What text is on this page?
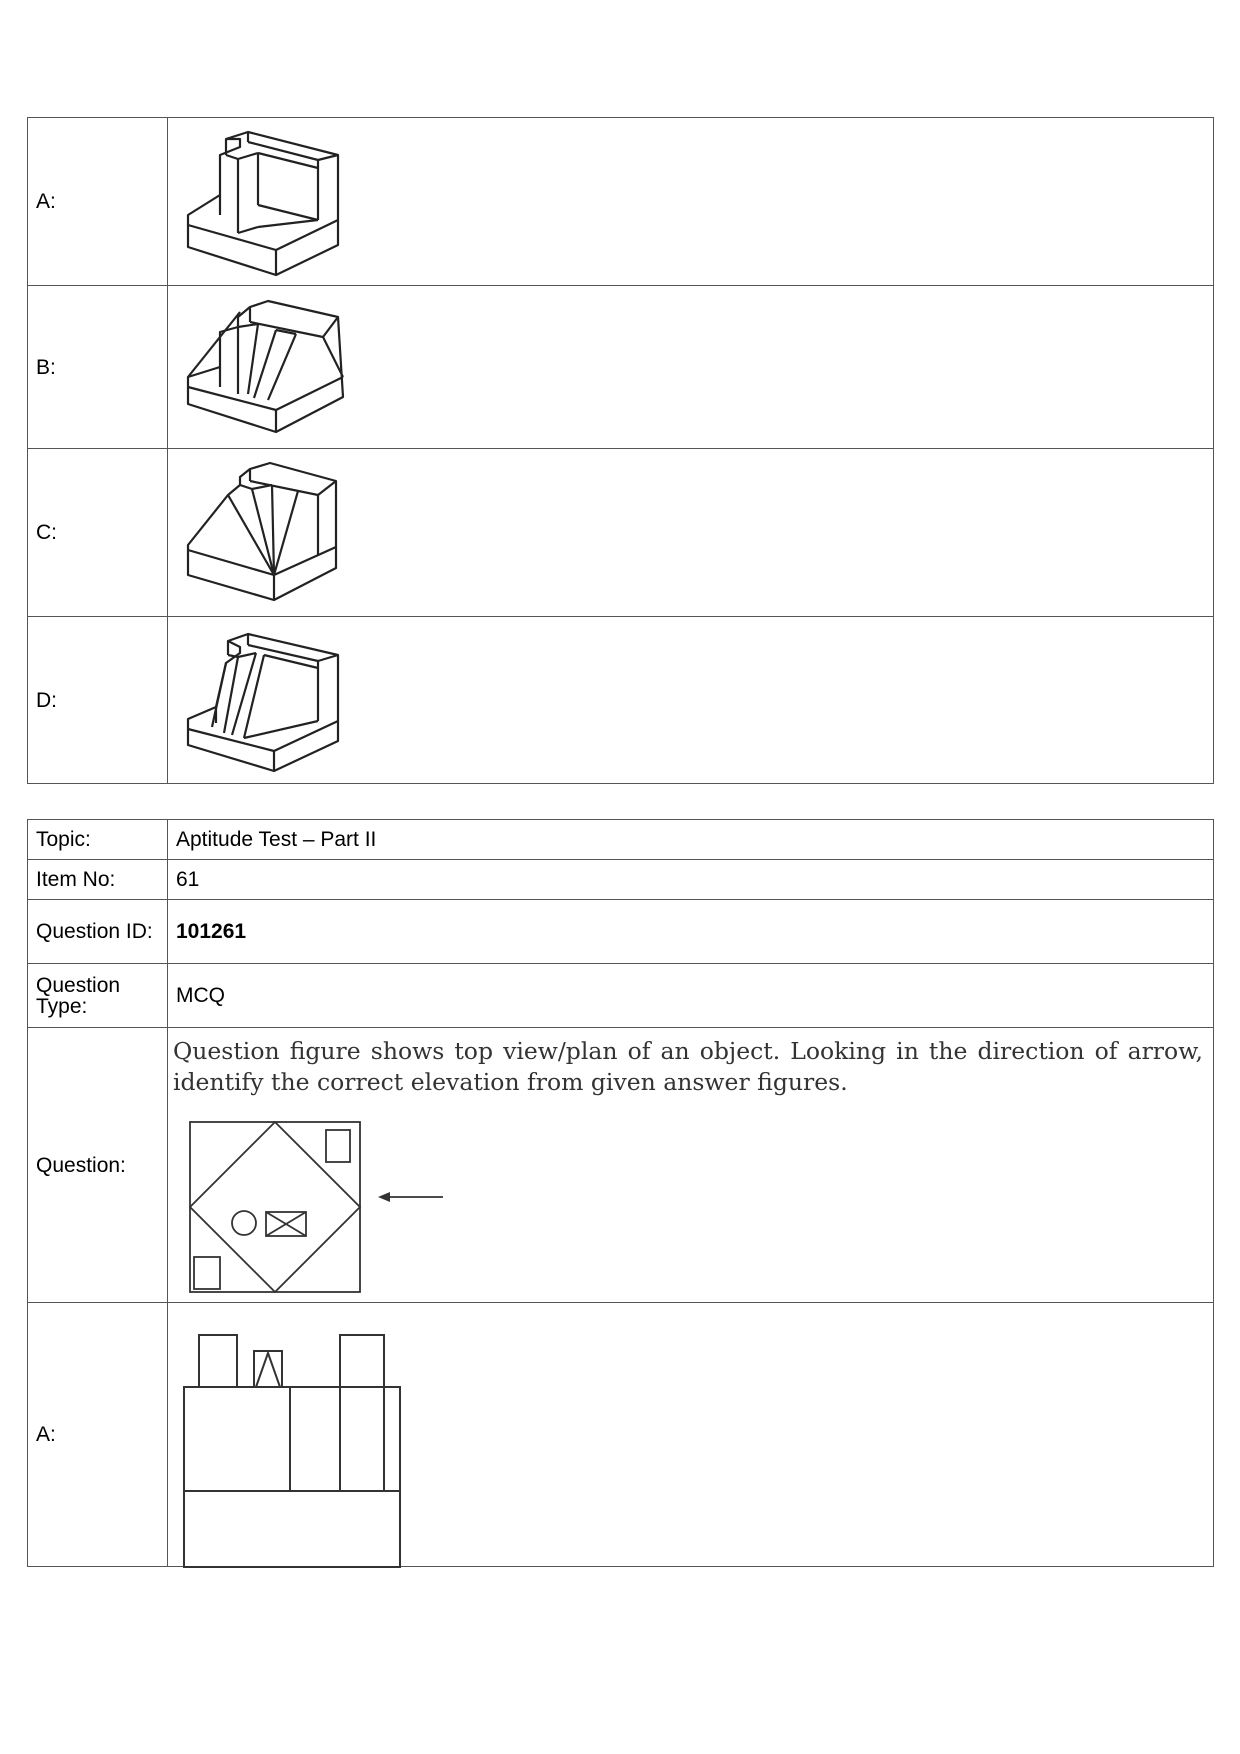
A:	

B:	

C:	

D:	
Topic:	Aptitude Test – Part II
Item No:	61
Question ID:	101261
Question Type:	MCQ
Question:	Question figure shows top view/plan of an object. Looking in the direction of arrow, identify the correct elevation from given answer figures.

A:	
